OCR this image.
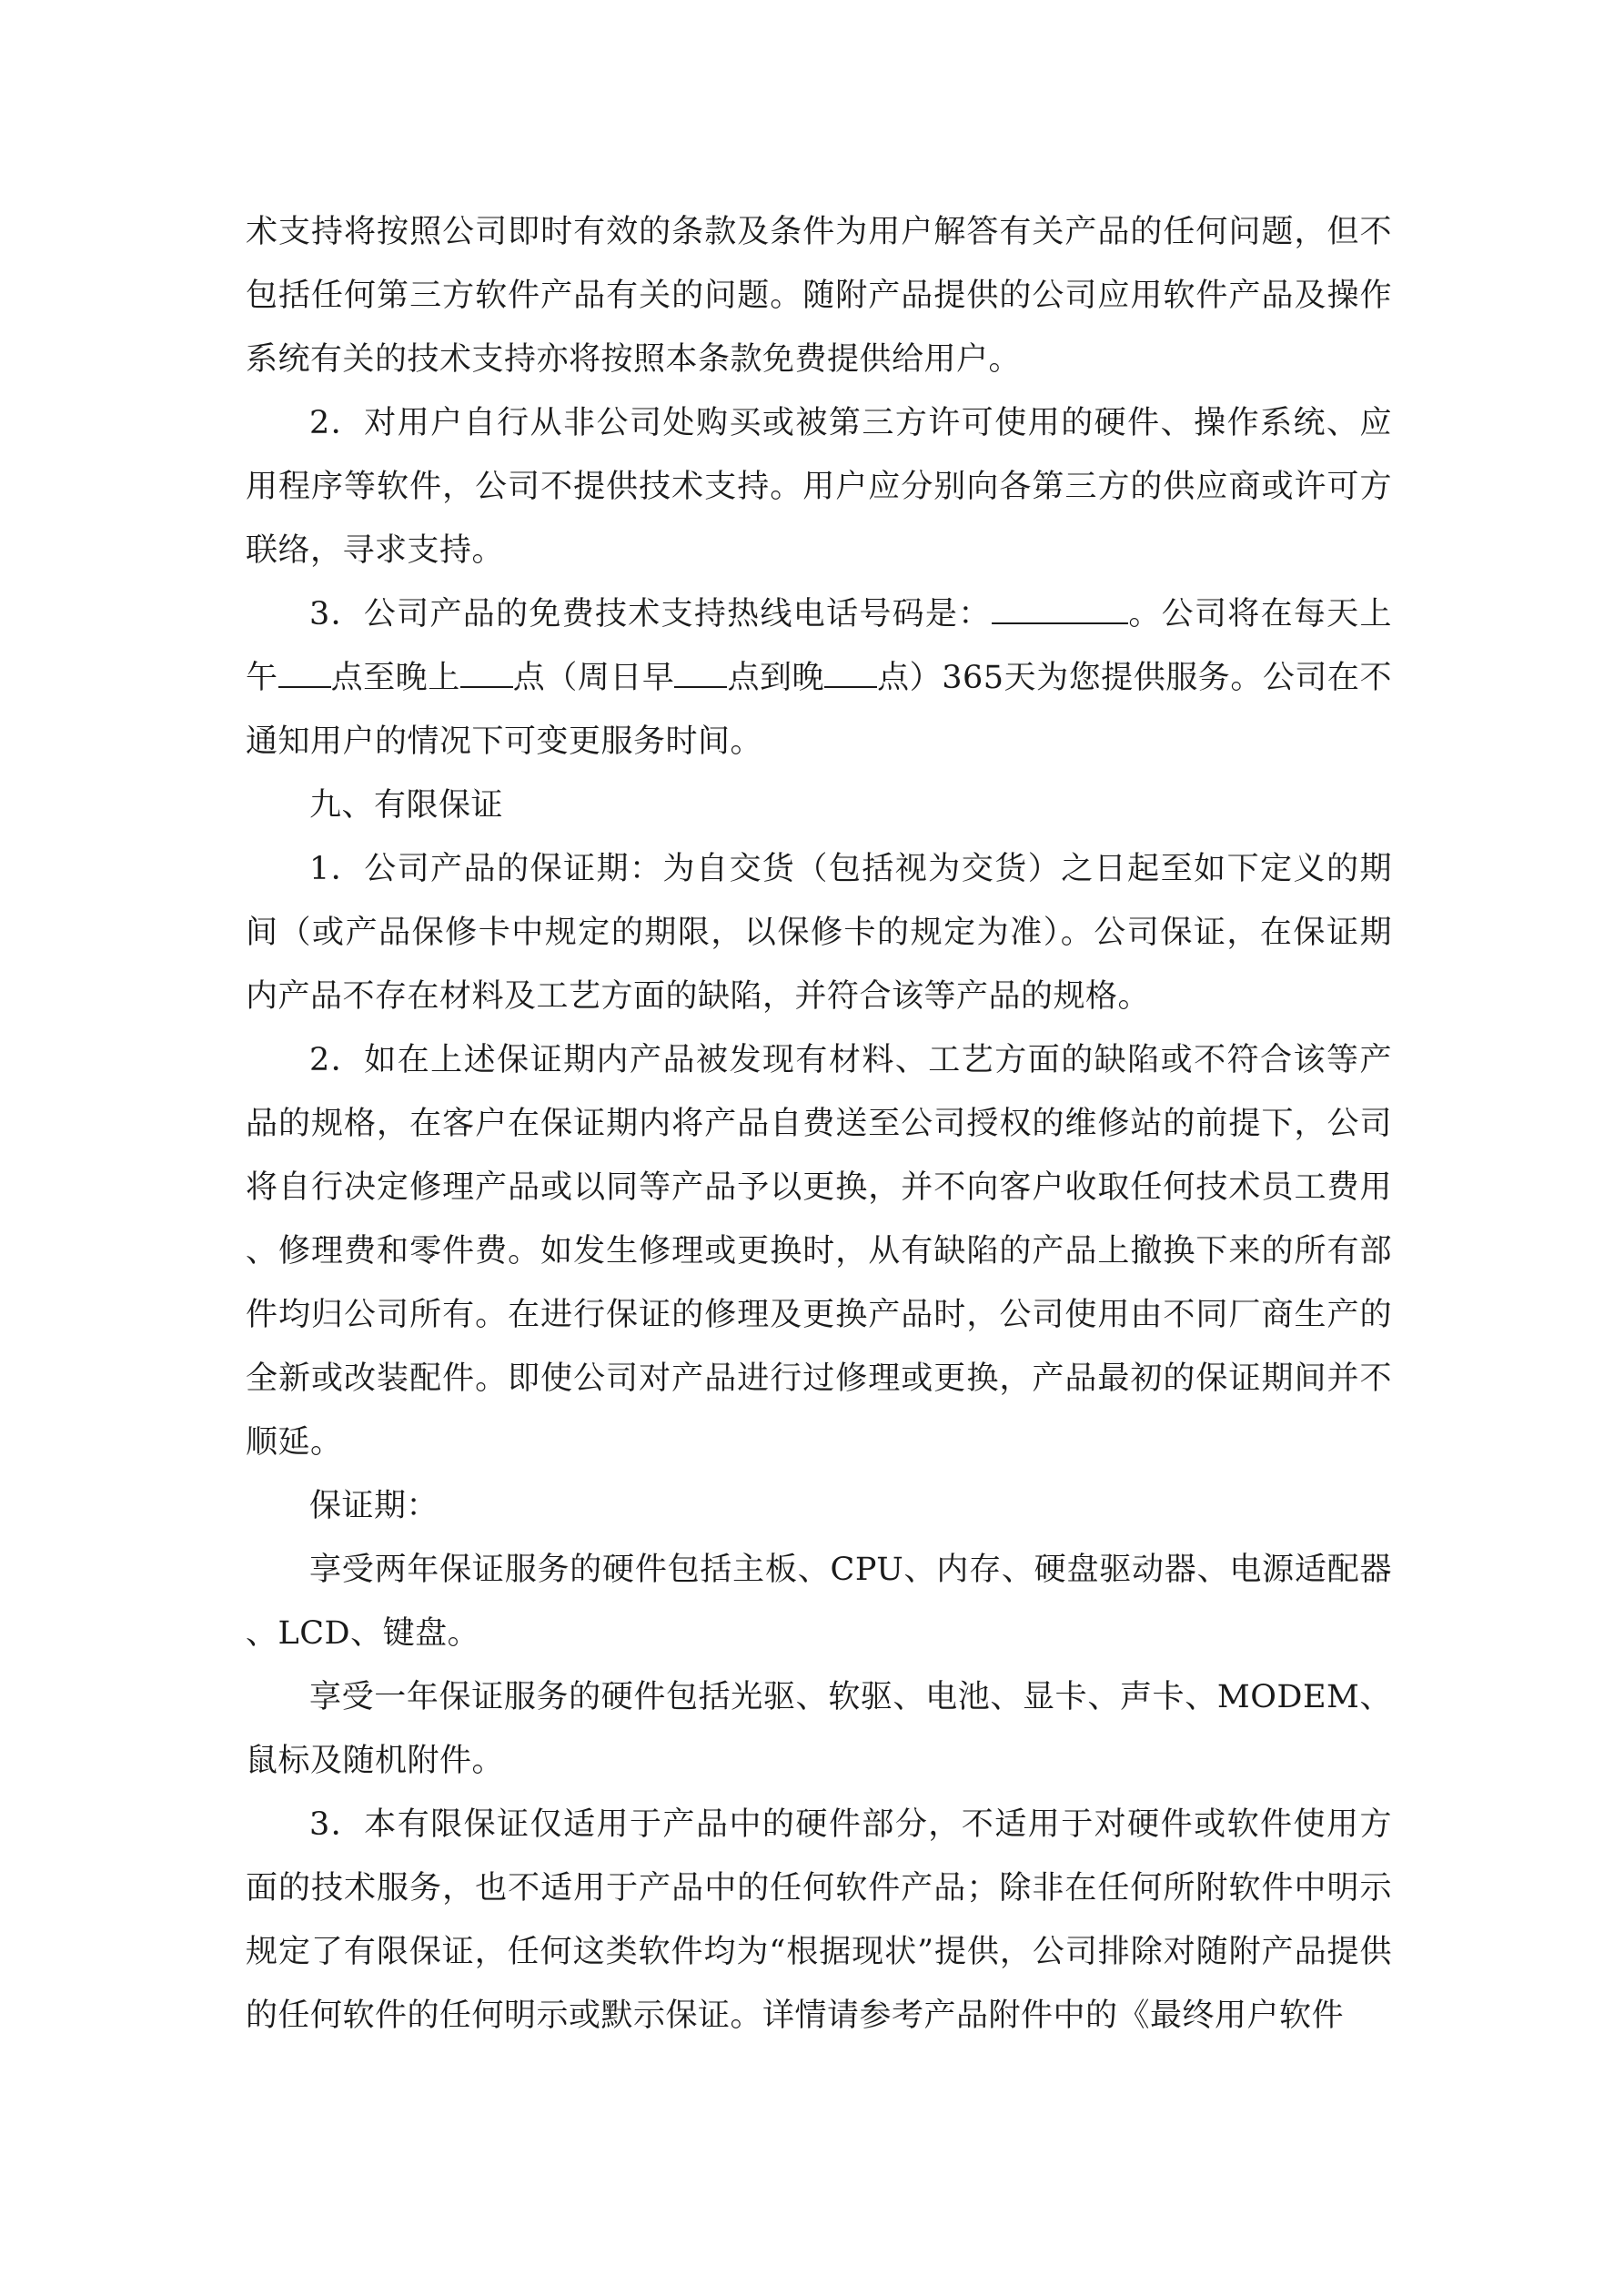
术支持将按照公司即时有效的条款及条件为用户解答有关产品的任何问题，但不包括任何第三方软件产品有关的问题。随附产品提供的公司应用软件产品及操作系统有关的技术支持亦将按照本条款免费提供给用户。

2．对用户自行从非公司处购买或被第三方许可使用的硬件、操作系统、应用程序等软件，公司不提供技术支持。用户应分别向各第三方的供应商或许可方联络，寻求支持。

3．公司产品的免费技术支持热线电话号码是：	。公司将在每天上午 点至晚上 点（周日早 点到晚 点）365天为您提供服务。公司在不通知用户的情况下可变更服务时间。

九、有限保证

1．公司产品的保证期：为自交货（包括视为交货）之日起至如下定义的期间（或产品保修卡中规定的期限，以保修卡的规定为准）。公司保证，在保证期内产品不存在材料及工艺方面的缺陷，并符合该等产品的规格。

2．如在上述保证期内产品被发现有材料、工艺方面的缺陷或不符合该等产品的规格，在客户在保证期内将产品自费送至公司授权的维修站的前提下，公司将自行决定修理产品或以同等产品予以更换，并不向客户收取任何技术员工费用、修理费和零件费。如发生修理或更换时，从有缺陷的产品上撤换下来的所有部件均归公司所有。在进行保证的修理及更换产品时，公司使用由不同厂商生产的全新或改装配件。即使公司对产品进行过修理或更换，产品最初的保证期间并不顺延。

保证期：

享受两年保证服务的硬件包括主板、CPU、内存、硬盘驱动器、电源适配器、LCD、键盘。

享受一年保证服务的硬件包括光驱、软驱、电池、显卡、声卡、MODEM、鼠标及随机附件。

3．本有限保证仅适用于产品中的硬件部分，不适用于对硬件或软件使用方面的技术服务，也不适用于产品中的任何软件产品；除非在任何所附软件中明示规定了有限保证，任何这类软件均为“根据现状”提供，公司排除对随附产品提供的任何软件的任何明示或默示保证。详情请参考产品附件中的《最终用户软件
